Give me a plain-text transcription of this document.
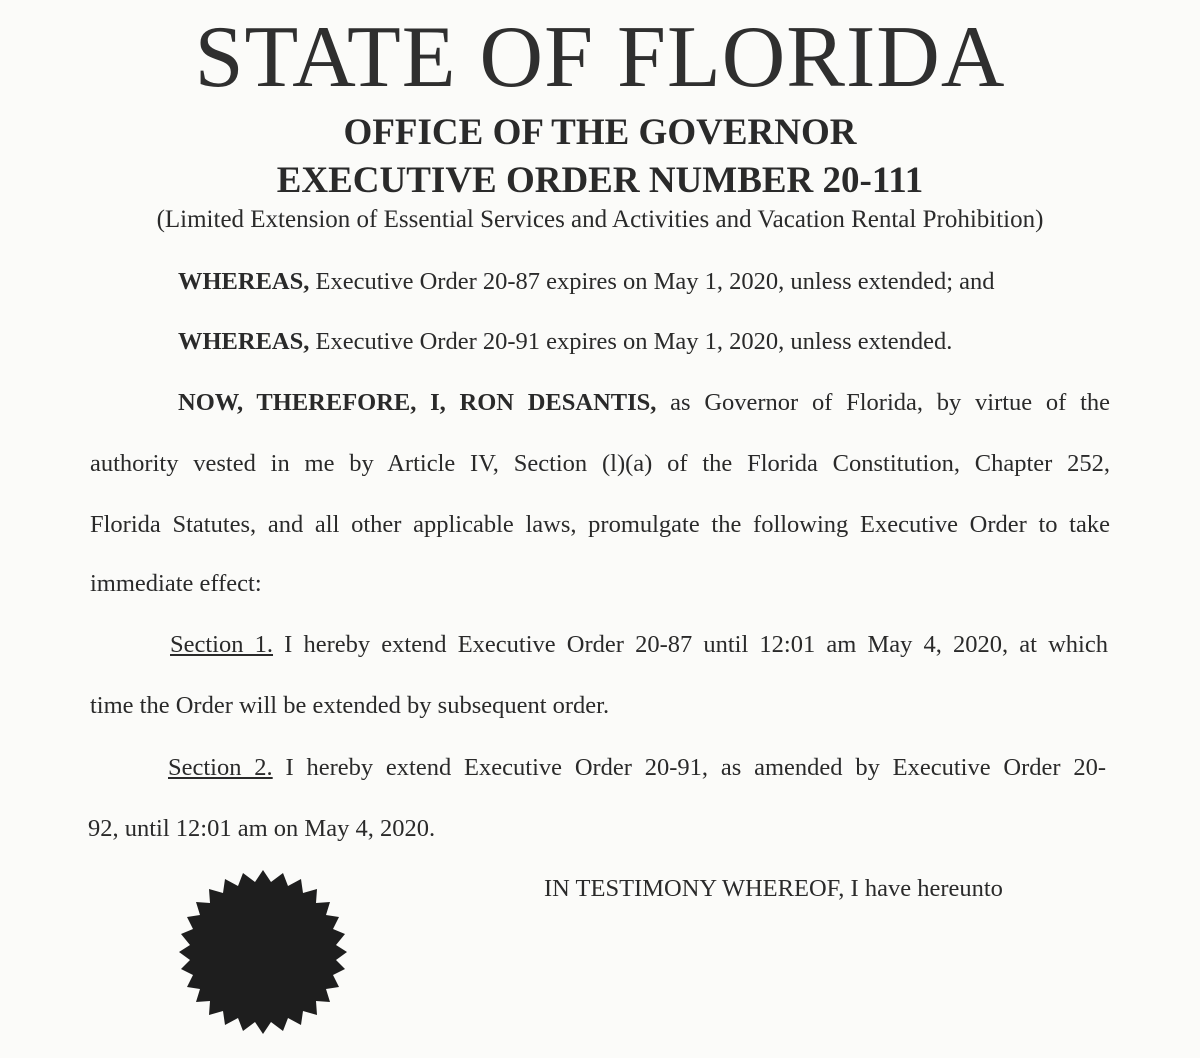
STATE OF FLORIDA
OFFICE OF THE GOVERNOR
EXECUTIVE ORDER NUMBER 20-111
(Limited Extension of Essential Services and Activities and Vacation Rental Prohibition)
WHEREAS, Executive Order 20-87 expires on May 1, 2020, unless extended; and
WHEREAS, Executive Order 20-91 expires on May 1, 2020, unless extended.
NOW, THEREFORE, I, RON DESANTIS, as Governor of Florida, by virtue of the
authority vested in me by Article IV, Section (l)(a) of the Florida Constitution, Chapter 252,
Florida Statutes, and all other applicable laws, promulgate the following Executive Order to take
immediate effect:
Section 1. I hereby extend Executive Order 20-87 until 12:01 am May 4, 2020, at which
time the Order will be extended by subsequent order.
Section 2. I hereby extend Executive Order 20-91, as amended by Executive Order 20-
92, until 12:01 am on May 4, 2020.
IN TESTIMONY WHEREOF, I have hereunto
